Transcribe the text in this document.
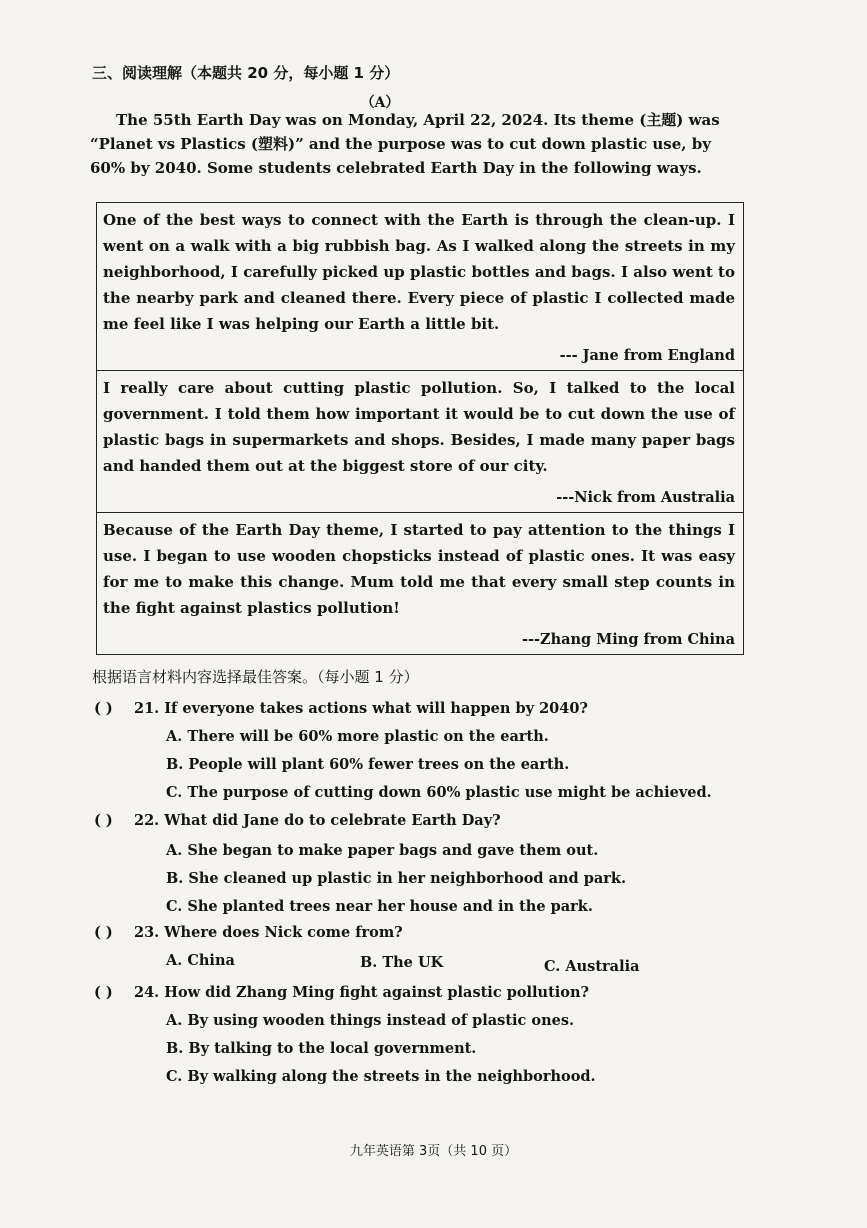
三、阅读理解（本题共 20 分，每小题 1 分）
（A）
The 55th Earth Day was on Monday, April 22, 2024. Its theme (主题) was “Planet vs Plastics (塑料)” and the purpose was to cut down plastic use, by 60% by 2040. Some students celebrated Earth Day in the following ways.
One of the best ways to connect with the Earth is through the clean-up. I went on a walk with a big rubbish bag. As I walked along the streets in my neighborhood, I carefully picked up plastic bottles and bags. I also went to the nearby park and cleaned there. Every piece of plastic I collected made me feel like I was helping our Earth a little bit.
--- Jane from England
I really care about cutting plastic pollution. So, I talked to the local government. I told them how important it would be to cut down the use of plastic bags in supermarkets and shops. Besides, I made many paper bags and handed them out at the biggest store of our city.
---Nick from Australia
Because of the Earth Day theme, I started to pay attention to the things I use. I began to use wooden chopsticks instead of plastic ones. It was easy for me to make this change. Mum told me that every small step counts in the fight against plastics pollution!
---Zhang Ming from China
根据语言材料内容选择最佳答案。（每小题 1 分）
( ) 21. If everyone takes actions what will happen by 2040?
A. There will be 60% more plastic on the earth.
B. People will plant 60% fewer trees on the earth.
C. The purpose of cutting down 60% plastic use might be achieved.
( ) 22. What did Jane do to celebrate Earth Day?
A. She began to make paper bags and gave them out.
B. She cleaned up plastic in her neighborhood and park.
C. She planted trees near her house and in the park.
( ) 23. Where does Nick come from?
A. China	B. The UK	C. Australia
( ) 24. How did Zhang Ming fight against plastic pollution?
A. By using wooden things instead of plastic ones.
B. By talking to the local government.
C. By walking along the streets in the neighborhood.
九年英语第 3页（共 10 页）
